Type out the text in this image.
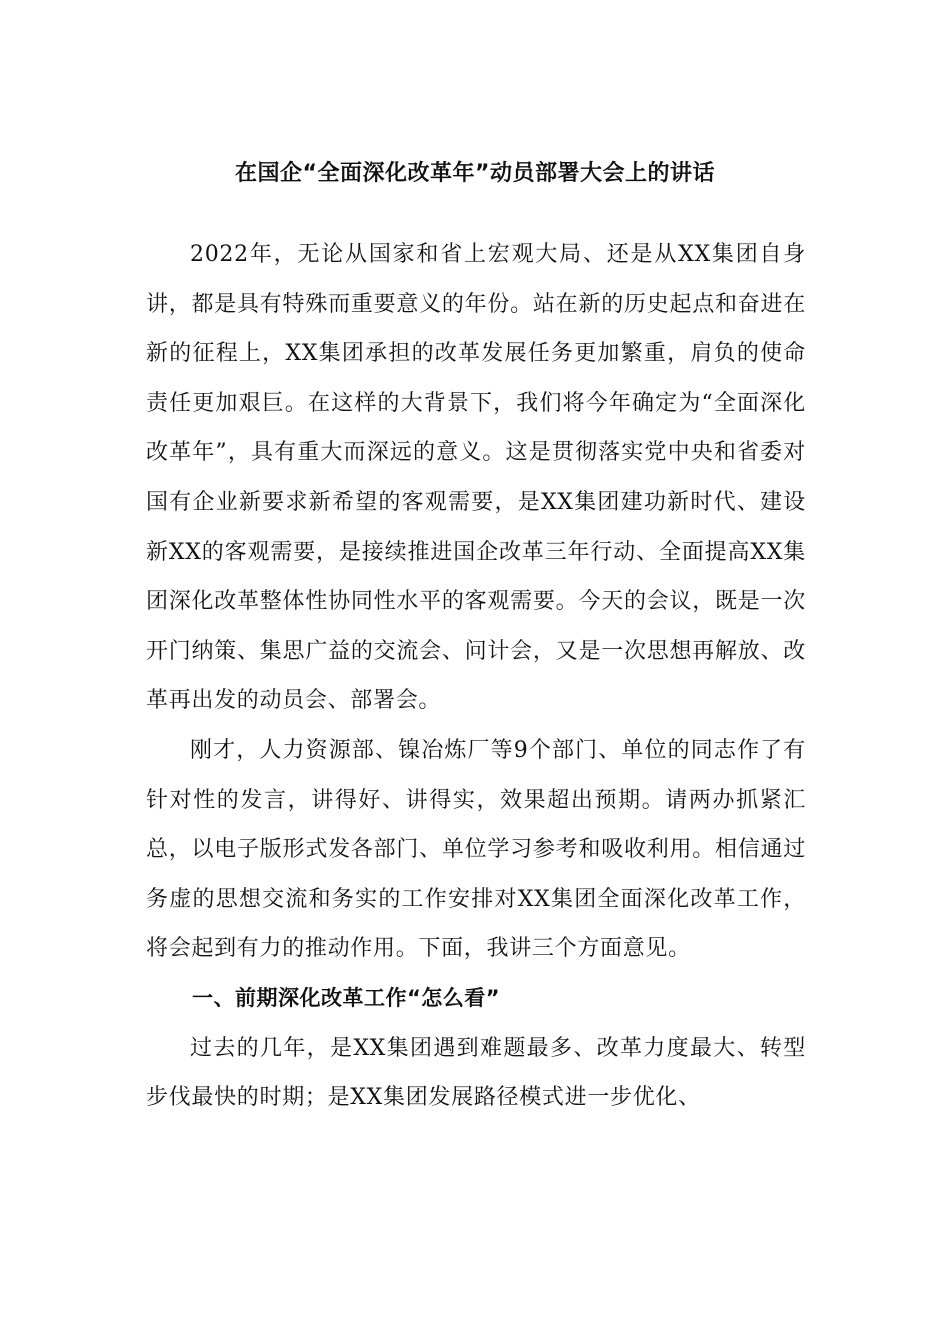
在国企“全面深化改革年”动员部署大会上的讲话

2022年，无论从国家和省上宏观大局、还是从XX集团自身讲，都是具有特殊而重要意义的年份。站在新的历史起点和奋进在新的征程上，XX集团承担的改革发展任务更加繁重，肩负的使命责任更加艰巨。在这样的大背景下，我们将今年确定为“全面深化改革年”，具有重大而深远的意义。这是贯彻落实党中央和省委对国有企业新要求新希望的客观需要，是XX集团建功新时代、建设新XX的客观需要，是接续推进国企改革三年行动、全面提高XX集团深化改革整体性协同性水平的客观需要。今天的会议，既是一次开门纳策、集思广益的交流会、问计会，又是一次思想再解放、改革再出发的动员会、部署会。

刚才，人力资源部、镍冶炼厂等9个部门、单位的同志作了有针对性的发言，讲得好、讲得实，效果超出预期。请两办抓紧汇总，以电子版形式发各部门、单位学习参考和吸收利用。相信通过务虚的思想交流和务实的工作安排对XX集团全面深化改革工作，将会起到有力的推动作用。下面，我讲三个方面意见。

一、前期深化改革工作“怎么看”

过去的几年，是XX集团遇到难题最多、改革力度最大、转型步伐最快的时期；是XX集团发展路径模式进一步优化、
